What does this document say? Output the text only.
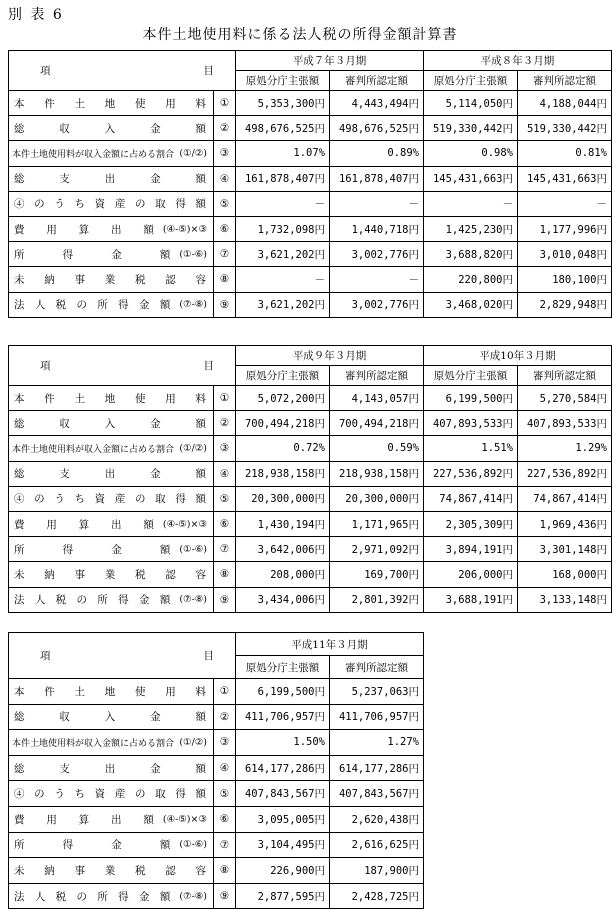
別 表 6
本件土地使用料に係る法人税の所得金額計算書
項 目		平成７年３月期		平成８年３月期	
		原処分庁主張額	審判所認定額	原処分庁主張額	審判所認定額

本件土地使用料	①	5,353,300円	4,443,494円	5,114,050円	4,188,044円

総収入金額	②	498,676,525円	498,676,525円	519,330,442円	519,330,442円

本件土地使用料が収入金額に占める割合 (①/②)	③	1.07%	0.89%	0.98%	0.81%

総支出金額	④	161,878,407円	161,878,407円	145,431,663円	145,431,663円

④のうち資産の取得額	⑤	－	－	－	－

費用算出額 (④-⑤)×③	⑥	1,732,098円	1,440,718円	1,425,230円	1,177,996円

所得金額 (①-⑥)	⑦	3,621,202円	3,002,776円	3,688,820円	3,010,048円

未納事業税認容	⑧	－	－	220,800円	180,100円

法人税の所得金額 (⑦-⑧)	⑨	3,621,202円	3,002,776円	3,468,020円	2,829,948円
項 目		平成９年３月期		平成10年３月期	
		原処分庁主張額	審判所認定額	原処分庁主張額	審判所認定額

本件土地使用料	①	5,072,200円	4,143,057円	6,199,500円	5,270,584円

総収入金額	②	700,494,218円	700,494,218円	407,893,533円	407,893,533円

本件土地使用料が収入金額に占める割合 (①/②)	③	0.72%	0.59%	1.51%	1.29%

総支出金額	④	218,938,158円	218,938,158円	227,536,892円	227,536,892円

④のうち資産の取得額	⑤	20,300,000円	20,300,000円	74,867,414円	74,867,414円

費用算出額 (④-⑤)×③	⑥	1,430,194円	1,171,965円	2,305,309円	1,969,436円

所得金額 (①-⑥)	⑦	3,642,006円	2,971,092円	3,894,191円	3,301,148円

未納事業税認容	⑧	208,000円	169,700円	206,000円	168,000円

法人税の所得金額 (⑦-⑧)	⑨	3,434,006円	2,801,392円	3,688,191円	3,133,148円
項 目		平成11年３月期	
		原処分庁主張額	審判所認定額

本件土地使用料	①	6,199,500円	5,237,063円

総収入金額	②	411,706,957円	411,706,957円

本件土地使用料が収入金額に占める割合 (①/②)	③	1.50%	1.27%

総支出金額	④	614,177,286円	614,177,286円

④のうち資産の取得額	⑤	407,843,567円	407,843,567円

費用算出額 (④-⑤)×③	⑥	3,095,005円	2,620,438円

所得金額 (①-⑥)	⑦	3,104,495円	2,616,625円

未納事業税認容	⑧	226,900円	187,900円

法人税の所得金額 (⑦-⑧)	⑨	2,877,595円	2,428,725円
